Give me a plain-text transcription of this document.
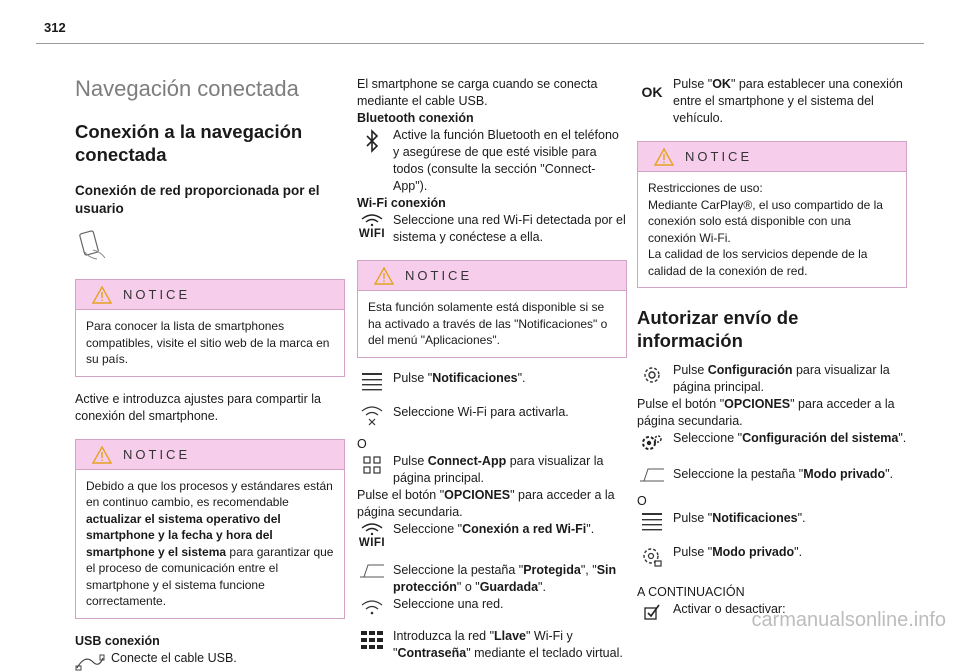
312
Navegación conectada
Conexión a la navegación conectada
Conexión de red proporcionada por el usuario
NOTICE
Para conocer la lista de smartphones compatibles, visite el sitio web de la marca en su país.

Active e introduzca ajustes para compartir la conexión del smartphone.

NOTICE
Debido a que los procesos y estándares están en continuo cambio, es recomendable actualizar el sistema operativo del smartphone y la fecha y hora del smartphone y el sistema para garantizar que el proceso de comunicación entre el smartphone y el sistema funcione correctamente.

USB conexión

Conecte el cable USB.

El smartphone se carga cuando se conecta mediante el cable USB.

Bluetooth conexión

Active la función Bluetooth en el teléfono y asegúrese de que esté visible para todos (consulte la sección "Connect-App").

Wi-Fi conexión

WIFI
Seleccione una red Wi-Fi detectada por el sistema y conéctese a ella.
NOTICE
Esta función solamente está disponible si se ha activado a través de las "Notificaciones" o del menú "Aplicaciones".
Pulse "Notificaciones".
Seleccione Wi-Fi para activarla.

O

Pulse Connect-App para visualizar la página principal.

Pulse el botón "OPCIONES" para acceder a la página secundaria.

WIFI
Seleccione "Conexión a red Wi-Fi".
Seleccione la pestaña "Protegida", "Sin protección" o "Guardada".
Seleccione una red.
Introduzca la red "Llave" Wi-Fi y "Contraseña" mediante el teclado virtual.
OK Pulse "OK" para establecer una conexión entre el smartphone y el sistema del vehículo.
NOTICE

Restricciones de uso:

Mediante CarPlay®, el uso compartido de la conexión solo está disponible con una conexión Wi-Fi.

La calidad de los servicios depende de la calidad de la conexión de red.

Autorizar envío de información
Pulse Configuración para visualizar la página principal.

Pulse el botón "OPCIONES" para acceder a la página secundaria.

Seleccione "Configuración del sistema".
Seleccione la pestaña "Modo privado".

O

Pulse "Notificaciones".
Pulse "Modo privado".

A CONTINUACIÓN

Activar o desactivar:
carmanualsonline.info
